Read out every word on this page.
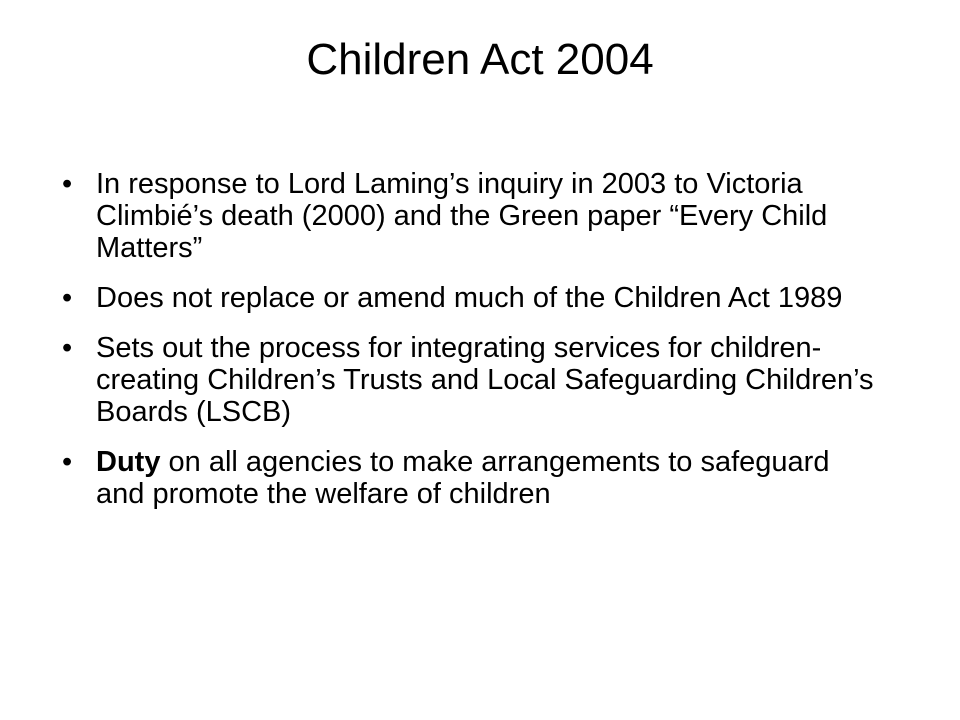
Children Act 2004
• In response to Lord Laming’s inquiry in 2003 to Victoria Climbié’s death (2000) and the Green paper “Every Child Matters”
• Does not replace or amend much of the Children Act 1989
• Sets out the process for integrating services for children- creating Children’s Trusts and Local Safeguarding Children’s Boards (LSCB)
• Duty on all agencies to make arrangements to safeguard and promote the welfare of children
